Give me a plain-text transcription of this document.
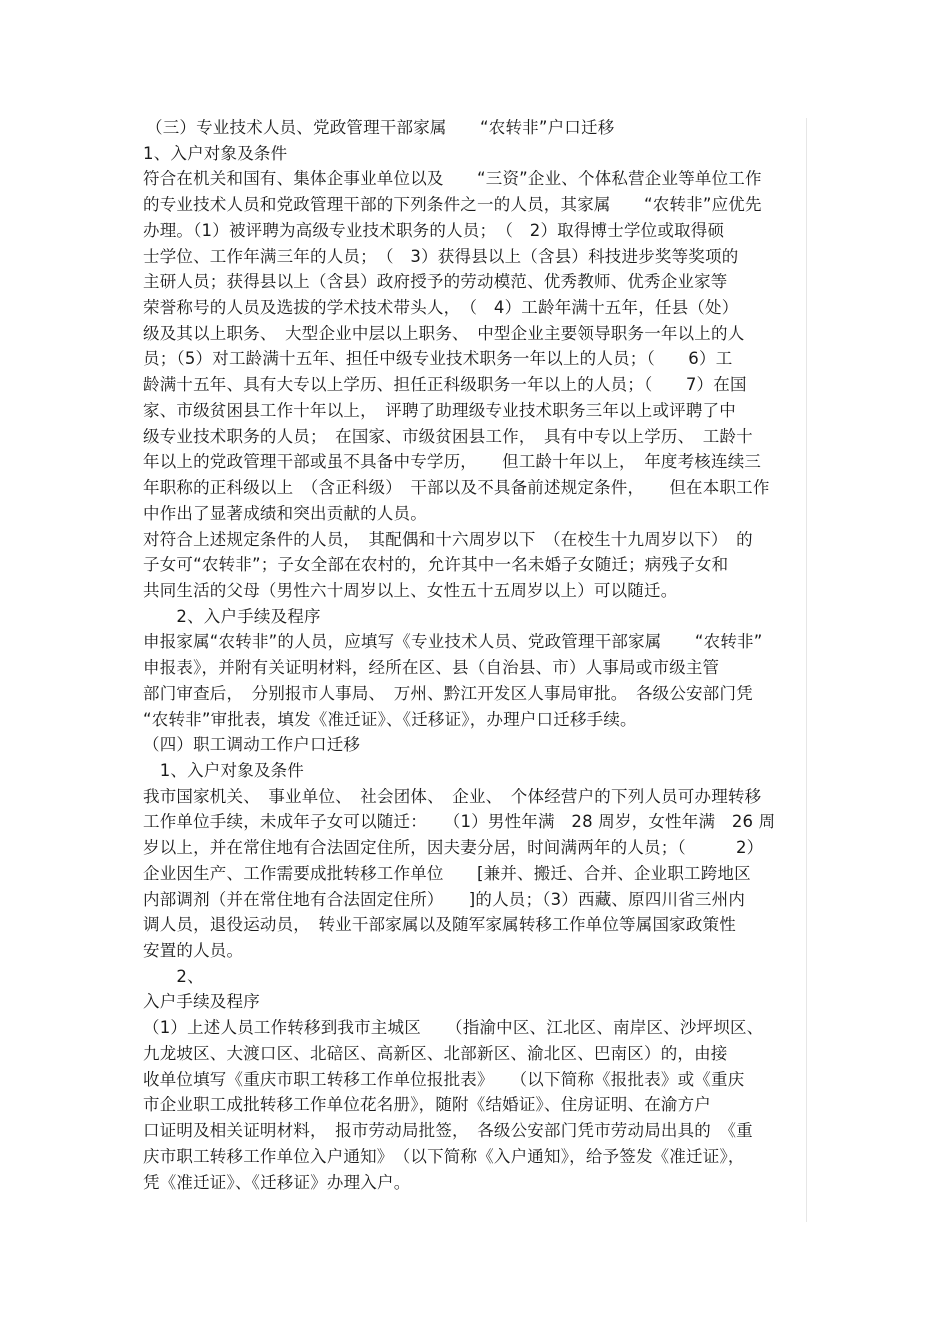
（三）专业技术人员、党政管理干部家属　　“农转非”户口迁移
1、入户对象及条件
符合在机关和国有、集体企事业单位以及　　“三资”企业、个体私营企业等单位工作
的专业技术人员和党政管理干部的下列条件之一的人员，其家属　　“农转非”应优先
办理。（1）被评聘为高级专业技术职务的人员；　（　2）取得博士学位或取得硕
士学位、工作年满三年的人员；　（　3）获得县以上（含县）科技进步奖等奖项的
主研人员；获得县以上（含县）政府授予的劳动模范、优秀教师、优秀企业家等
荣誉称号的人员及选拔的学术技术带头人，　（　4）工龄年满十五年，任县（处）
级及其以上职务、　大型企业中层以上职务、　中型企业主要领导职务一年以上的人
员；（5）对工龄满十五年、担任中级专业技术职务一年以上的人员；（　　6）工
龄满十五年、具有大专以上学历、担任正科级职务一年以上的人员；（　　7）在国
家、市级贫困县工作十年以上，　评聘了助理级专业技术职务三年以上或评聘了中
级专业技术职务的人员；　在国家、市级贫困县工作，　具有中专以上学历、　工龄十
年以上的党政管理干部或虽不具备中专学历，　　但工龄十年以上，　年度考核连续三
年职称的正科级以上　（含正科级）　干部以及不具备前述规定条件，　　但在本职工作
中作出了显著成绩和突出贡献的人员。
对符合上述规定条件的人员，　其配偶和十六周岁以下　（在校生十九周岁以下）　的
子女可“农转非”；子女全部在农村的，允许其中一名未婚子女随迁；病残子女和
共同生活的父母（男性六十周岁以上、女性五十五周岁以上）可以随迁。
　　2、入户手续及程序
申报家属“农转非”的人员，应填写《专业技术人员、党政管理干部家属　　“农转非”
申报表》，并附有关证明材料，经所在区、县（自治县、市）人事局或市级主管
部门审查后，　分别报市人事局、　万州、黔江开发区人事局审批。　各级公安部门凭
“农转非”审批表，填发《准迁证》、《迁移证》，办理户口迁移手续。
（四）职工调动工作户口迁移
　1、入户对象及条件
我市国家机关、　事业单位、　社会团体、　企业、　个体经营户的下列人员可办理转移
工作单位手续，未成年子女可以随迁：　　（1）男性年满　28 周岁，女性年满　26 周
岁以上，并在常住地有合法固定住所，因夫妻分居，时间满两年的人员；（　　　2）
企业因生产、工作需要成批转移工作单位　　[兼并、搬迁、合并、企业职工跨地区
内部调剂（并在常住地有合法固定住所）　　]的人员；（3）西藏、原四川省三州内
调人员，退役运动员，　转业干部家属以及随军家属转移工作单位等属国家政策性
安置的人员。
　　2、
入户手续及程序
（1）上述人员工作转移到我市主城区　　（指渝中区、江北区、南岸区、沙坪坝区、
九龙坡区、大渡口区、北碚区、高新区、北部新区、渝北区、巴南区）的，由接
收单位填写《重庆市职工转移工作单位报批表》　　（以下简称《报批表》或《重庆
市企业职工成批转移工作单位花名册》，随附《结婚证》、住房证明、在渝方户
口证明及相关证明材料，　报市劳动局批签，　各级公安部门凭市劳动局出具的　《重
庆市职工转移工作单位入户通知》　（以下简称《入户通知》，给予签发《准迁证》，
凭《准迁证》、《迁移证》办理入户。
